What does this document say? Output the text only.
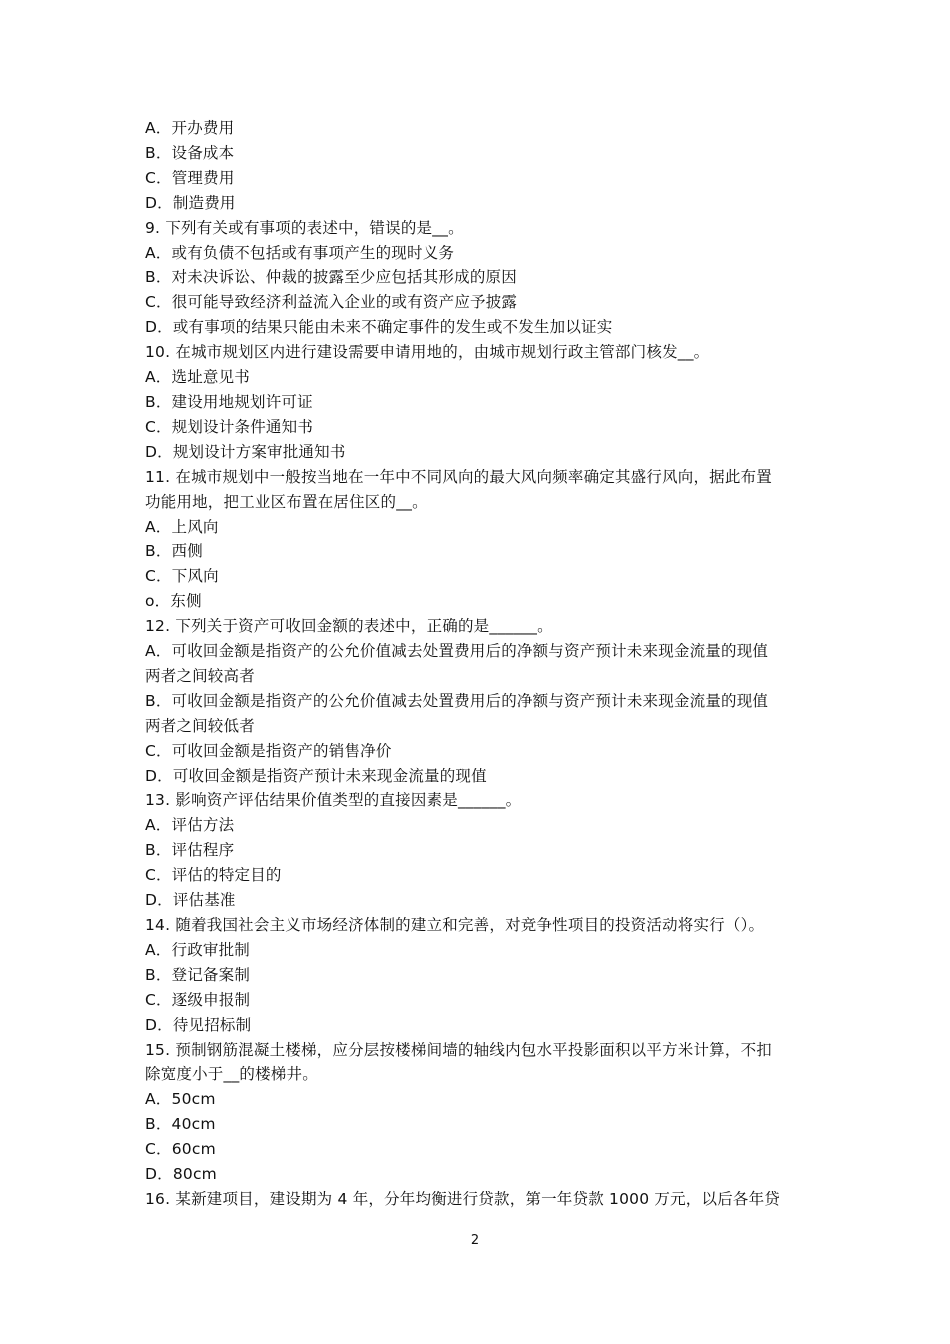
A．开办费用
B．设备成本
C．管理费用
D．制造费用
9. 下列有关或有事项的表述中，错误的是__。
A．或有负债不包括或有事项产生的现时义务
B．对未决诉讼、仲裁的披露至少应包括其形成的原因
C．很可能导致经济利益流入企业的或有资产应予披露
D．或有事项的结果只能由未来不确定事件的发生或不发生加以证实
10. 在城市规划区内进行建设需要申请用地的，由城市规划行政主管部门核发__。
A．选址意见书
B．建设用地规划许可证
C．规划设计条件通知书
D．规划设计方案审批通知书
11. 在城市规划中一般按当地在一年中不同风向的最大风向频率确定其盛行风向，据此布置
功能用地，把工业区布置在居住区的__。
A．上风向
B．西侧
C．下风向
o．东侧
12. 下列关于资产可收回金额的表述中，正确的是______。
A．可收回金额是指资产的公允价值减去处置费用后的净额与资产预计未来现金流量的现值
两者之间较高者
B．可收回金额是指资产的公允价值减去处置费用后的净额与资产预计未来现金流量的现值
两者之间较低者
C．可收回金额是指资产的销售净价
D．可收回金额是指资产预计未来现金流量的现值
13. 影响资产评估结果价值类型的直接因素是______。
A．评估方法
B．评估程序
C．评估的特定目的
D．评估基准
14. 随着我国社会主义市场经济体制的建立和完善，对竞争性项目的投资活动将实行（）。
A．行政审批制
B．登记备案制
C．逐级申报制
D．待见招标制
15. 预制钢筋混凝土楼梯，应分层按楼梯间墙的轴线内包水平投影面积以平方米计算，不扣
除宽度小于__的楼梯井。
A．50cm
B．40cm
C．60cm
D．80cm
16. 某新建项目，建设期为 4 年，分年均衡进行贷款，第一年贷款 1000 万元，以后各年贷
2
